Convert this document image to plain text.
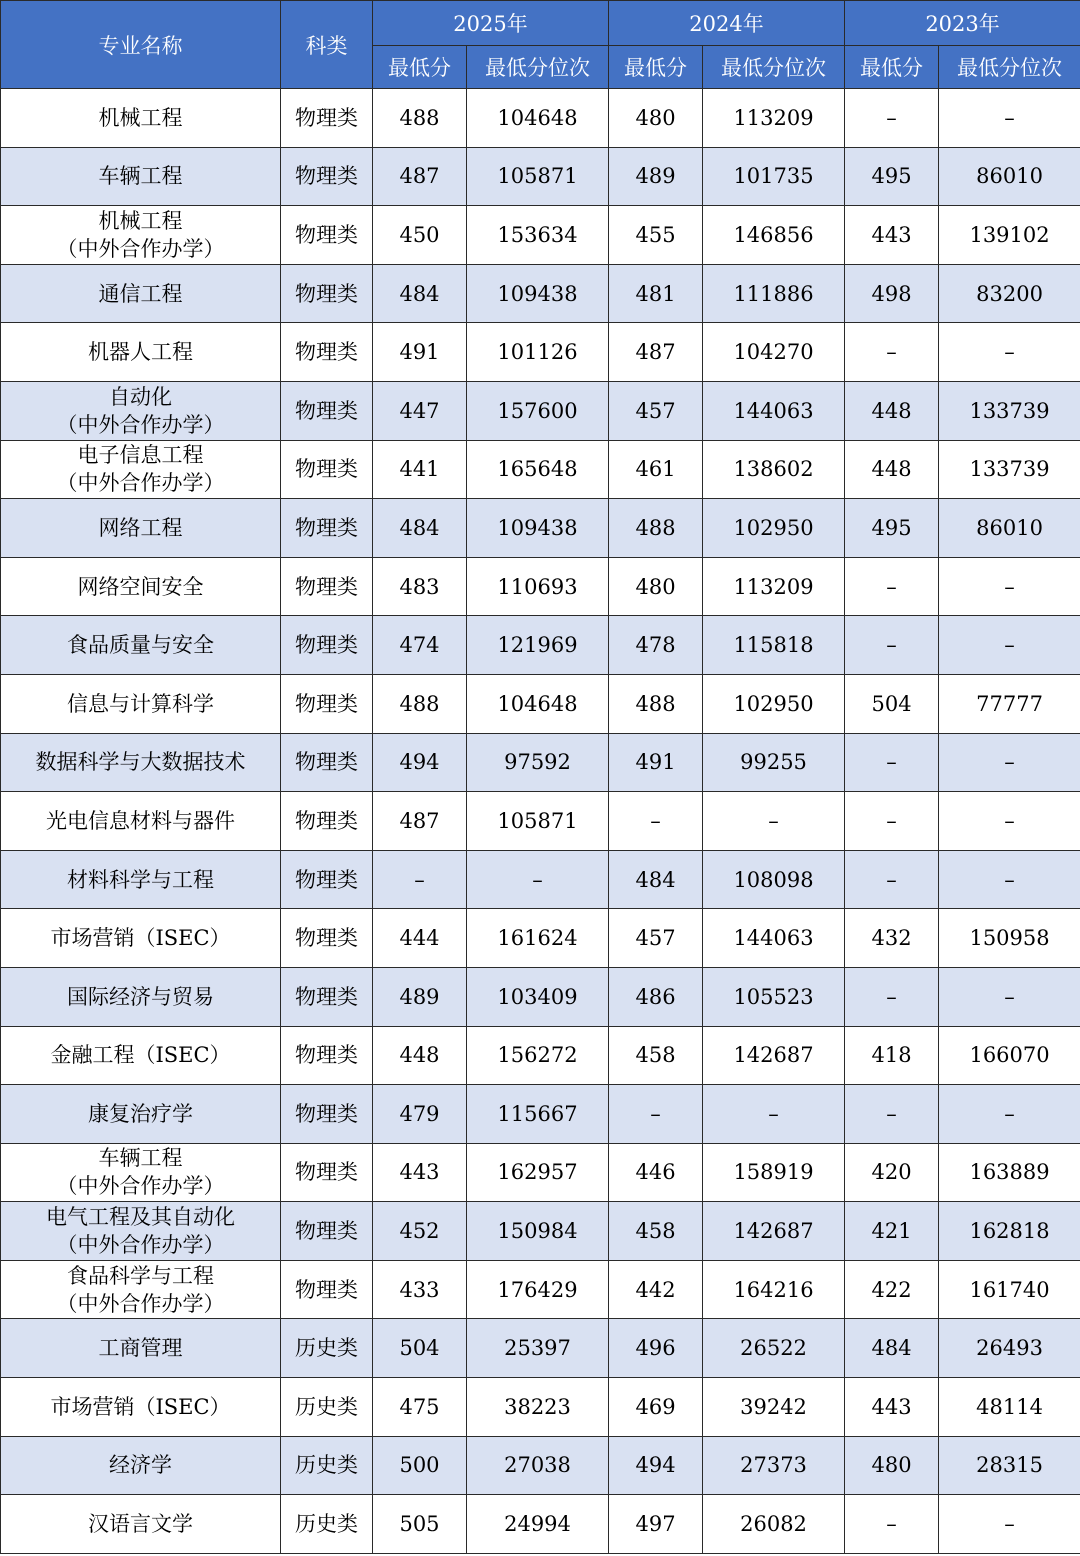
专业名称	科类	2025年		2024年		2023年	
		最低分	最低分位次	最低分	最低分位次	最低分	最低分位次

机械工程	物理类	488	104648	480	113209	–	–

车辆工程	物理类	487	105871	489	101735	495	86010

机械工程
（中外合作办学）	物理类	450	153634	455	146856	443	139102

通信工程	物理类	484	109438	481	111886	498	83200

机器人工程	物理类	491	101126	487	104270	–	–

自动化
（中外合作办学）	物理类	447	157600	457	144063	448	133739

电子信息工程
（中外合作办学）	物理类	441	165648	461	138602	448	133739

网络工程	物理类	484	109438	488	102950	495	86010

网络空间安全	物理类	483	110693	480	113209	–	–

食品质量与安全	物理类	474	121969	478	115818	–	–

信息与计算科学	物理类	488	104648	488	102950	504	77777

数据科学与大数据技术	物理类	494	97592	491	99255	–	–

光电信息材料与器件	物理类	487	105871	–	–	–	–

材料科学与工程	物理类	–	–	484	108098	–	–

市场营销（ISEC）	物理类	444	161624	457	144063	432	150958

国际经济与贸易	物理类	489	103409	486	105523	–	–

金融工程（ISEC）	物理类	448	156272	458	142687	418	166070

康复治疗学	物理类	479	115667	–	–	–	–

车辆工程
（中外合作办学）	物理类	443	162957	446	158919	420	163889

电气工程及其自动化
（中外合作办学）	物理类	452	150984	458	142687	421	162818

食品科学与工程
（中外合作办学）	物理类	433	176429	442	164216	422	161740

工商管理	历史类	504	25397	496	26522	484	26493

市场营销（ISEC）	历史类	475	38223	469	39242	443	48114

经济学	历史类	500	27038	494	27373	480	28315

汉语言文学	历史类	505	24994	497	26082	–	–
